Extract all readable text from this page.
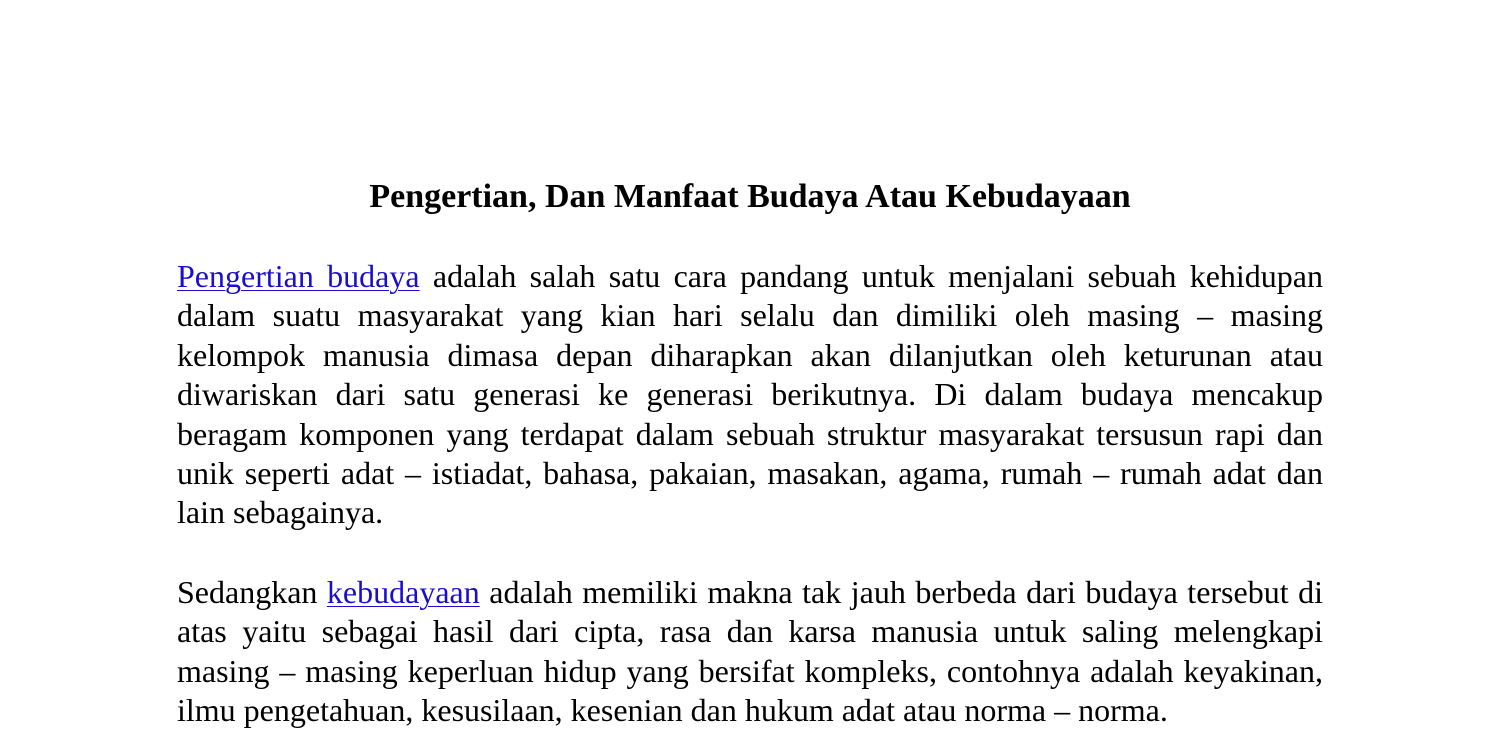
Pengertian, Dan Manfaat Budaya Atau Kebudayaan

Pengertian budaya adalah salah satu cara pandang untuk menjalani sebuah kehidupan dalam suatu masyarakat yang kian hari selalu dan dimiliki oleh masing – masing kelompok manusia dimasa depan diharapkan akan dilanjutkan oleh keturunan atau diwariskan dari satu generasi ke generasi berikutnya. Di dalam budaya mencakup beragam komponen yang terdapat dalam sebuah struktur masyarakat tersusun rapi dan unik seperti adat – istiadat, bahasa, pakaian, masakan, agama, rumah – rumah adat dan lain sebagainya.

Sedangkan kebudayaan adalah memiliki makna tak jauh berbeda dari budaya tersebut di atas yaitu sebagai hasil dari cipta, rasa dan karsa manusia untuk saling melengkapi masing – masing keperluan hidup yang bersifat kompleks, contohnya adalah keyakinan, ilmu pengetahuan, kesusilaan, kesenian dan hukum adat atau norma – norma.
